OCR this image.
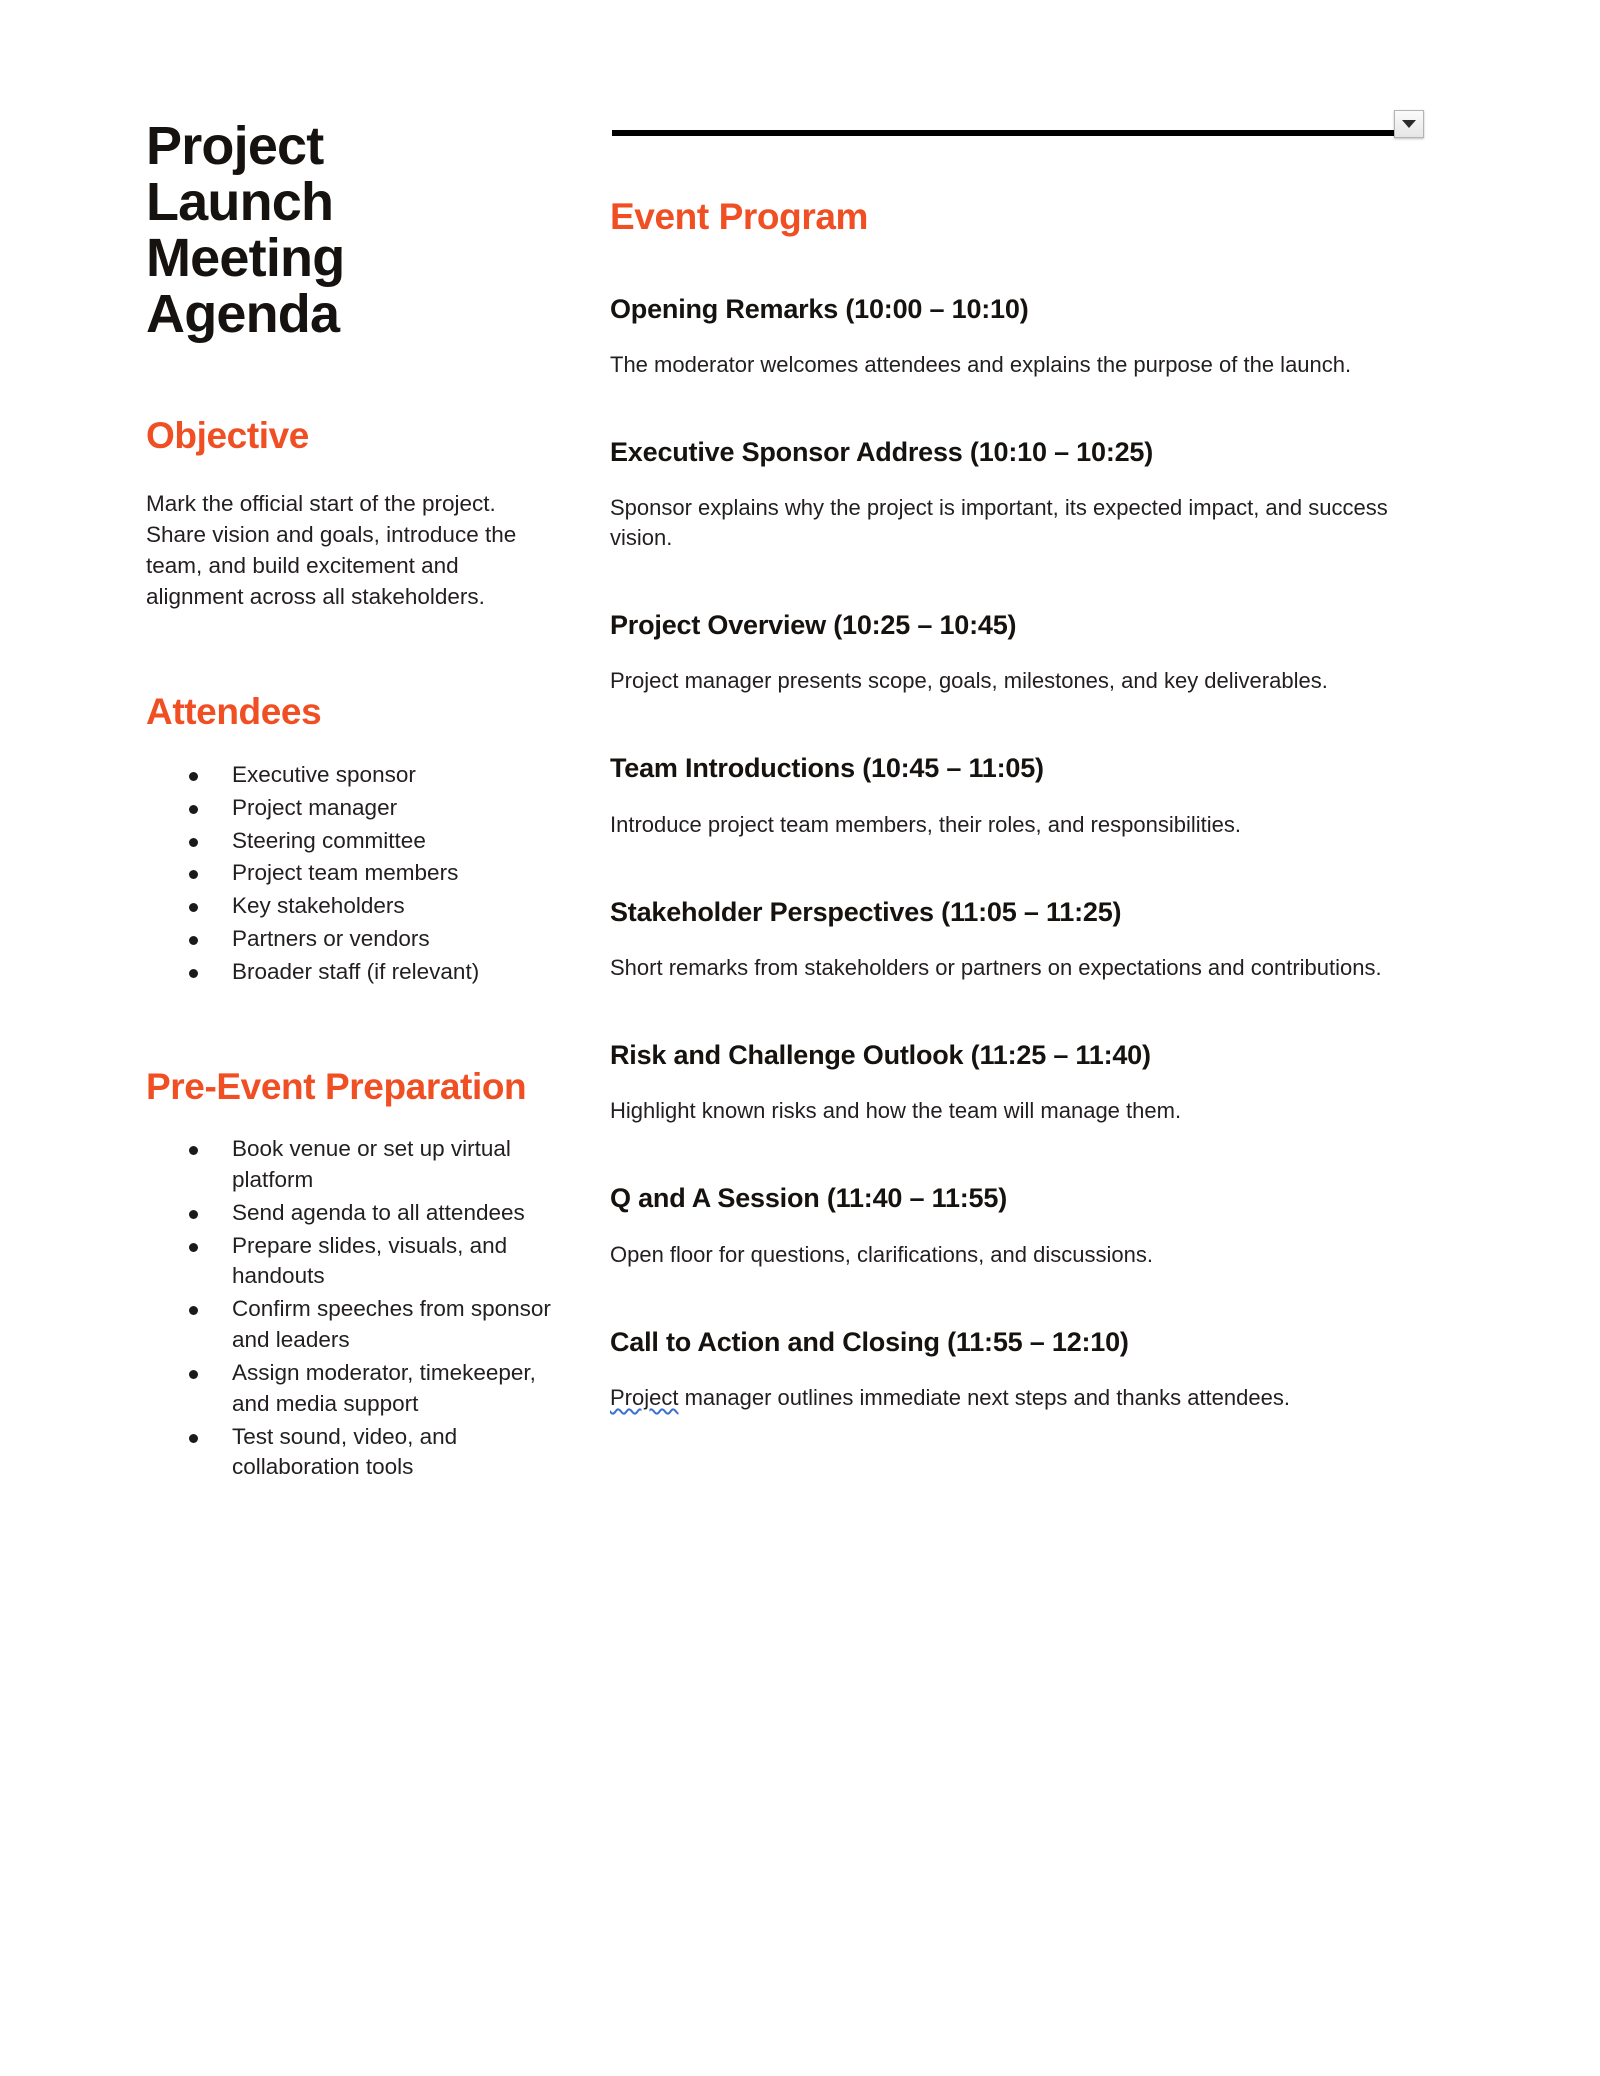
Project Launch Meeting Agenda
Objective

Mark the official start of the project. Share vision and goals, introduce the team, and build excitement and alignment across all stakeholders.

Attendees
Executive sponsor
Project manager
Steering committee
Project team members
Key stakeholders
Partners or vendors
Broader staff (if relevant)
Pre-Event Preparation
Book venue or set up virtual platform
Send agenda to all attendees
Prepare slides, visuals, and handouts
Confirm speeches from sponsor and leaders
Assign moderator, timekeeper, and media support
Test sound, video, and collaboration tools
Event Program
Opening Remarks (10:00 – 10:10)

The moderator welcomes attendees and explains the purpose of the launch.

Executive Sponsor Address (10:10 – 10:25)

Sponsor explains why the project is important, its expected impact, and success vision.

Project Overview (10:25 – 10:45)

Project manager presents scope, goals, milestones, and key deliverables.

Team Introductions (10:45 – 11:05)

Introduce project team members, their roles, and responsibilities.

Stakeholder Perspectives (11:05 – 11:25)

Short remarks from stakeholders or partners on expectations and contributions.

Risk and Challenge Outlook (11:25 – 11:40)

Highlight known risks and how the team will manage them.

Q and A Session (11:40 – 11:55)

Open floor for questions, clarifications, and discussions.

Call to Action and Closing (11:55 – 12:10)

Project manager outlines immediate next steps and thanks attendees.
